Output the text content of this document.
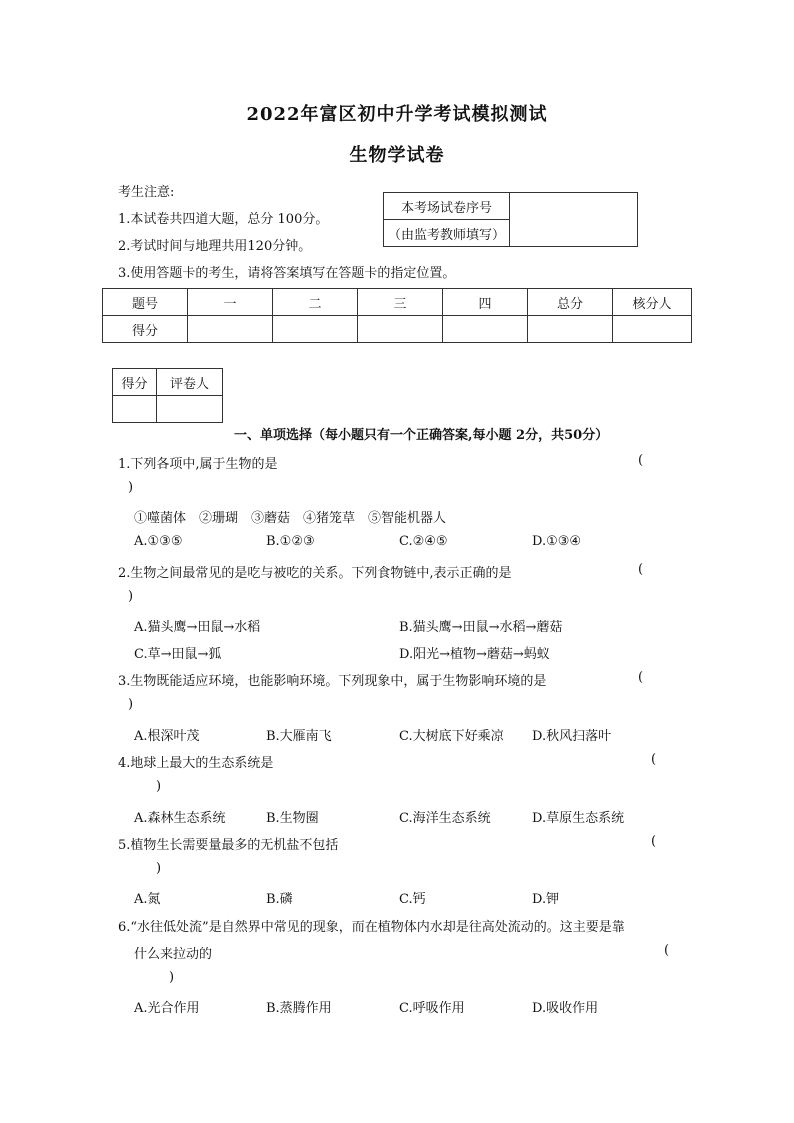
2022年富区初中升学考试模拟测试
生物学试卷
考生注意:
1.本试卷共四道大题，总分 100分。
2.考试时间与地理共用120分钟。
3.使用答题卡的考生，请将答案填写在答题卡的指定位置。
本考场试卷序号	
（由监考教师填写）
题号	一	二	三	四	总分	核分人
得分						
得分	评卷人

一、单项选择（每小题只有一个正确答案,每小题 2分，共50分）
1.下列各项中,属于生物的是	(
)
①噬菌体　②珊瑚　③蘑菇　④猪笼草　⑤智能机器人
A.①③⑤	B.①②③	C.②④⑤	D.①③④
2.生物之间最常见的是吃与被吃的关系。下列食物链中,表示正确的是	(
)
A.猫头鹰→田鼠→水稻	B.猫头鹰→田鼠→水稻→蘑菇
C.草→田鼠→狐	D.阳光→植物→蘑菇→蚂蚁
3.生物既能适应环境，也能影响环境。下列现象中，属于生物影响环境的是	(
)
A.根深叶茂	B.大雁南飞	C.大树底下好乘凉 D.秋风扫落叶
4.地球上最大的生态系统是	(
)
A.森林生态系统	B.生物圈	C.海洋生态系统	D.草原生态系统
5.植物生长需要量最多的无机盐不包括	(
)
A.氮	B.磷	C.钙	D.钾
6.“水往低处流”是自然界中常见的现象，而在植物体内水却是往高处流动的。这主要是靠
什么来拉动的	(
)
A.光合作用	B.蒸腾作用	C.呼吸作用	D.吸收作用
